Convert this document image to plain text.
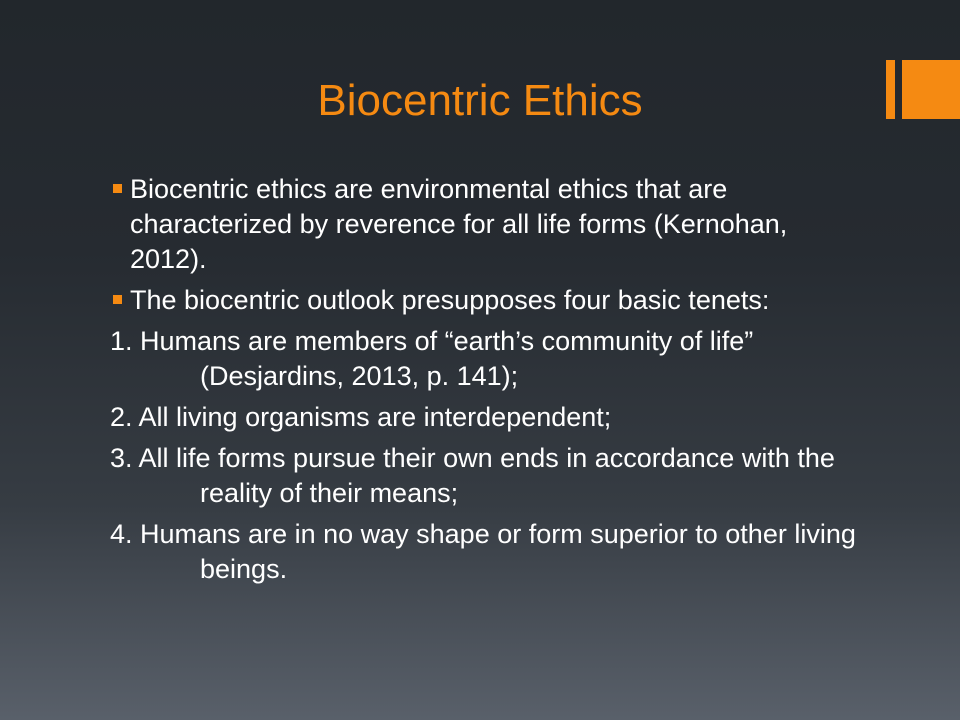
Biocentric Ethics
Biocentric ethics are environmental ethics that are characterized by reverence for all life forms (Kernohan, 2012).
The biocentric outlook presupposes four basic tenets:
1. Humans are members of “earth’s community of life” (Desjardins, 2013, p. 141);
2. All living organisms are interdependent;
3. All life forms pursue their own ends in accordance with the reality of their means;
4. Humans are in no way shape or form superior to other living beings.
